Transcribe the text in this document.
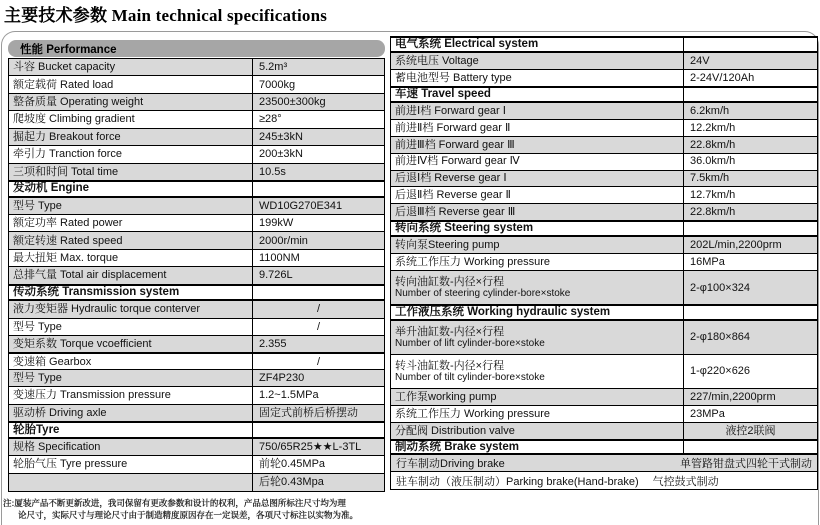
主要技术参数 Main technical specifications
性能 Performance
斗容 Bucket capacity	5.2m³
额定载荷 Rated load	7000kg
整备质量 Operating weight	23500±300kg
爬坡度 Climbing gradient	≥28°
掘起力 Breakout force	245±3kN
牵引力 Tranction force	200±3kN
三项和时间 Total time	10.5s
发动机 Engine
型号 Type	WD10G270E341
额定功率 Rated power	199kW
额定转速 Rated speed	2000r/min
最大扭矩 Max. torque	1100NM
总排气量 Total air displacement	9.726L
传动系统 Transmission system
液力变矩器 Hydraulic torque conterver	/
型号 Type	/
变矩系数 Torque vcoefficient	2.355
变速箱 Gearbox	/
型号 Type	ZF4P230
变速压力 Transmission pressure	1.2~1.5MPa
驱动桥 Driving axle	固定式前桥后桥摆动
轮胎Tyre
规格 Specification	750/65R25★★L-3TL
轮胎气压 Tyre pressure	前轮0.45MPa
后轮0.43Mpa
电气系统 Electrical system
系统电压 Voltage	24V
蓄电池型号 Battery type	2-24V/120Ah
车速 Travel speed
前进Ⅰ档 Forward gear Ⅰ	6.2km/h
前进Ⅱ档 Forward gear Ⅱ	12.2km/h
前进Ⅲ档 Forward gear Ⅲ	22.8km/h
前进Ⅳ档 Forward gear Ⅳ	36.0km/h
后退Ⅰ档 Reverse gear Ⅰ	7.5km/h
后退Ⅱ档 Reverse gear Ⅱ	12.7km/h
后退Ⅲ档 Reverse gear Ⅲ	22.8km/h
转向系统 Steering system
转向泵Steering pump	202L/min,2200prm
系统工作压力 Working pressure	16MPa
转向油缸数-内径×行程
Number of steering cylinder-bore×stoke
2-φ100×324
工作液压系统 Working hydraulic system
举升油缸数-内径×行程
Number of lift cylinder-bore×stoke
2-φ180×864
转斗油缸数-内径×行程
Number of tilt cylinder-bore×stoke
1-φ220×626
工作泵working pump	227/min,2200prm
系统工作压力 Working pressure	23MPa
分配阀 Distribution valve	液控2联阀
制动系统 Brake system
行车制动Driving brake	单管路钳盘式四轮干式制动
驻车制动（液压制动）Parking brake(Hand-brake) 气控鼓式制动
注:厦装产品不断更新改进，我司保留有更改参数和设计的权利，产品总图所标注尺寸均为理
论尺寸，实际尺寸与理论尺寸由于制造精度原因存在一定误差，各项尺寸标注以实物为准。
